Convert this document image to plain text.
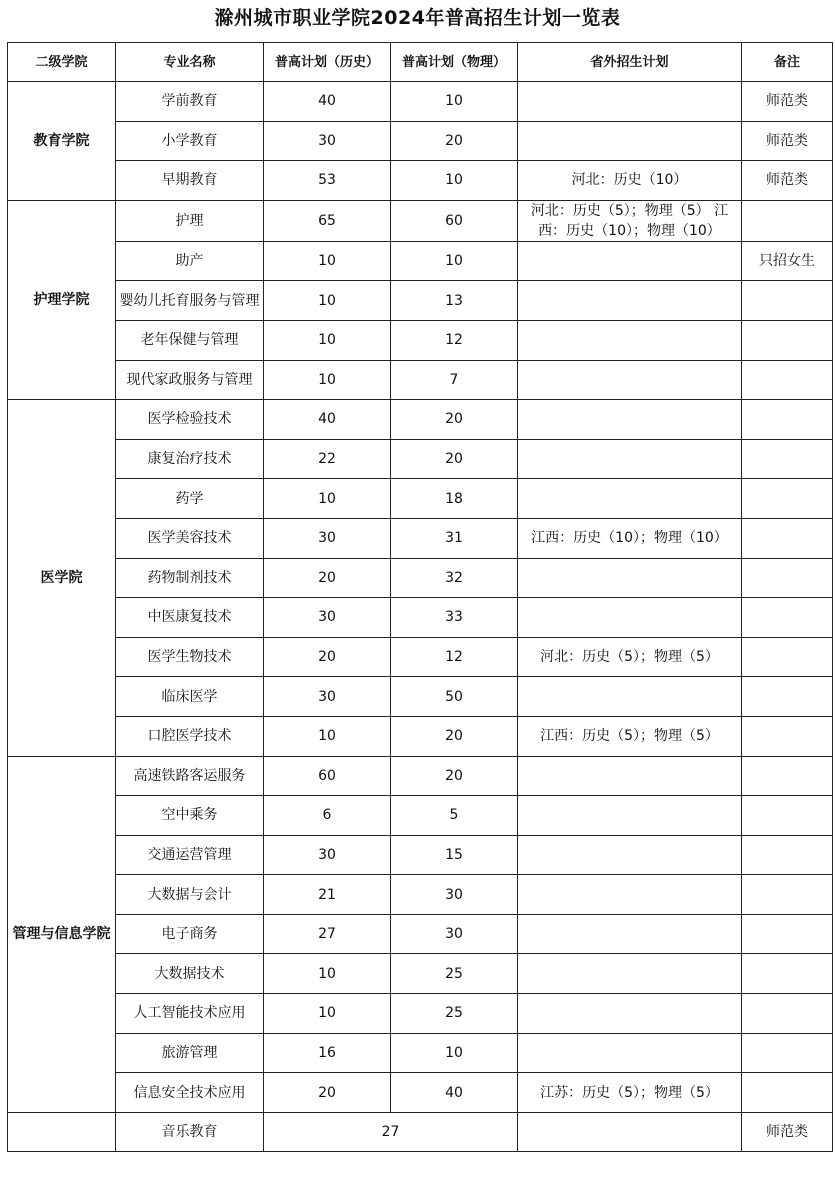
滁州城市职业学院2024年普高招生计划一览表
二级学院	专业名称	普高计划（历史）	普高计划（物理）	省外招生计划	备注
教育学院	学前教育	40	10		师范类
	小学教育	30	20		师范类
	早期教育	53	10	河北：历史（10）	师范类
护理学院	护理	65	60	河北：历史（5）；物理（5） 江西：历史（10）；物理（10）	
	助产	10	10		只招女生
	婴幼儿托育服务与管理	10	13		
	老年保健与管理	10	12		
	现代家政服务与管理	10	7		
医学院	医学检验技术	40	20		
	康复治疗技术	22	20		
	药学	10	18		
	医学美容技术	30	31	江西：历史（10）；物理（10）	
	药物制剂技术	20	32		
	中医康复技术	30	33		
	医学生物技术	20	12	河北：历史（5）；物理（5）	
	临床医学	30	50		
	口腔医学技术	10	20	江西：历史（5）；物理（5）	
管理与信息学院	高速铁路客运服务	60	20		
	空中乘务	6	5		
	交通运营管理	30	15		
	大数据与会计	21	30		
	电子商务	27	30		
	大数据技术	10	25		
	人工智能技术应用	10	25		
	旅游管理	16	10		
	信息安全技术应用	20	40	江苏：历史（5）；物理（5）	
	音乐教育	27			师范类
